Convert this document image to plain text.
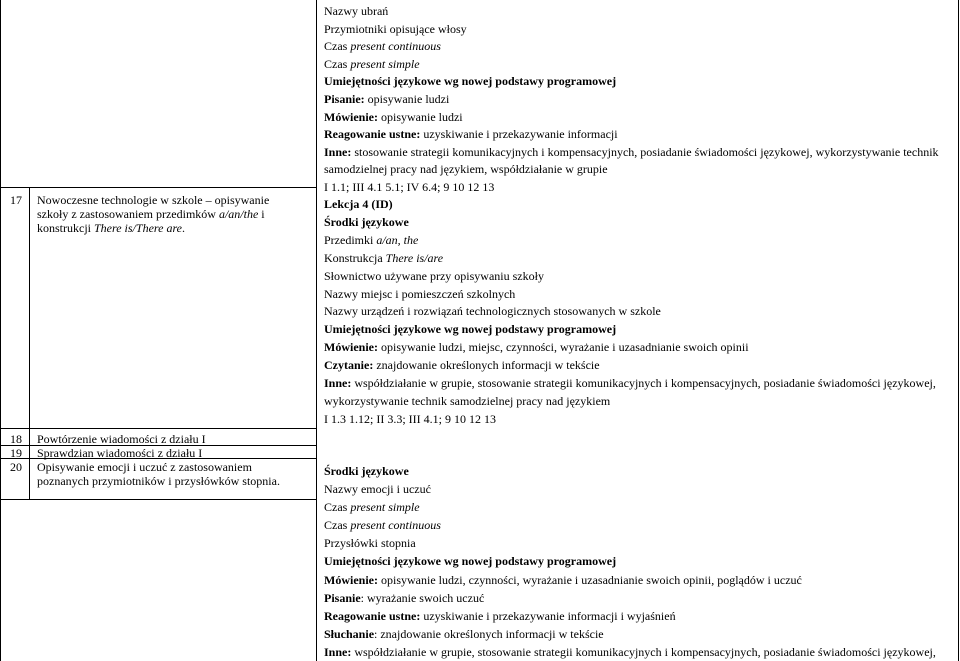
17 Nowoczesne technologie w szkole – opisywanie szkoły z zastosowaniem przedimków a/an/the i konstrukcji There is/There are.
18 Powtórzenie wiadomości z działu I
19 Sprawdzian wiadomości z działu I
20 Opisywanie emocji i uczuć z zastosowaniem poznanych przymiotników i przysłówków stopnia.
Nazwy ubrań
Przymiotniki opisujące włosy
Czas present continuous
Czas present simple
Umiejętności językowe wg nowej podstawy programowej
Pisanie: opisywanie ludzi
Mówienie: opisywanie ludzi
Reagowanie ustne: uzyskiwanie i przekazywanie informacji
Inne: stosowanie strategii komunikacyjnych i kompensacyjnych, posiadanie świadomości językowej, wykorzystywanie technik samodzielnej pracy nad językiem, współdziałanie w grupie
I 1.1; III 4.1 5.1; IV 6.4; 9 10 12 13
Lekcja 4 (ID)
Środki językowe
Przedimki a/an, the
Konstrukcja There is/are
Słownictwo używane przy opisywaniu szkoły
Nazwy miejsc i pomieszczeń szkolnych
Nazwy urządzeń i rozwiązań technologicznych stosowanych w szkole
Umiejętności językowe wg nowej podstawy programowej
Mówienie: opisywanie ludzi, miejsc, czynności, wyrażanie i uzasadnianie swoich opinii
Czytanie: znajdowanie określonych informacji w tekście
Inne: współdziałanie w grupie, stosowanie strategii komunikacyjnych i kompensacyjnych, posiadanie świadomości językowej, wykorzystywanie technik samodzielnej pracy nad językiem
I 1.3 1.12; II 3.3; III 4.1; 9 10 12 13
Środki językowe
Nazwy emocji i uczuć
Czas present simple
Czas present continuous
Przysłówki stopnia
Umiejętności językowe wg nowej podstawy programowej
Mówienie: opisywanie ludzi, czynności, wyrażanie i uzasadnianie swoich opinii, poglądów i uczuć
Pisanie: wyrażanie swoich uczuć
Reagowanie ustne: uzyskiwanie i przekazywanie informacji i wyjaśnień
Słuchanie: znajdowanie określonych informacji w tekście
Inne: współdziałanie w grupie, stosowanie strategii komunikacyjnych i kompensacyjnych, posiadanie świadomości językowej,
